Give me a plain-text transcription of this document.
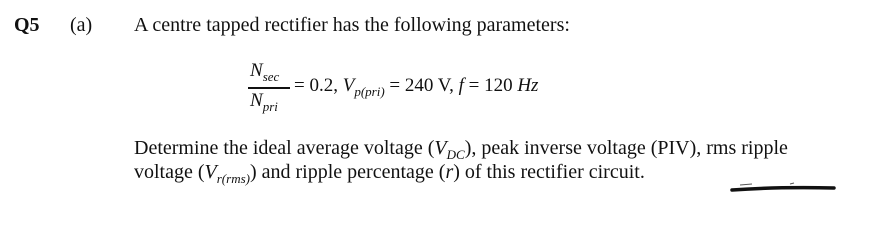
Q5 (a) A centre tapped rectifier has the following parameters:
$N_{sec}$
$N_{pri}$
= 0.2, $V_{p(pri)} = 240$ V, f = 120 Hz
Determine the ideal average voltage $(V_{DC})$, peak inverse voltage (PIV), rms ripple
voltage $(V_{r(rms)})$ and ripple percentage (r) of this rectifier circuit.
